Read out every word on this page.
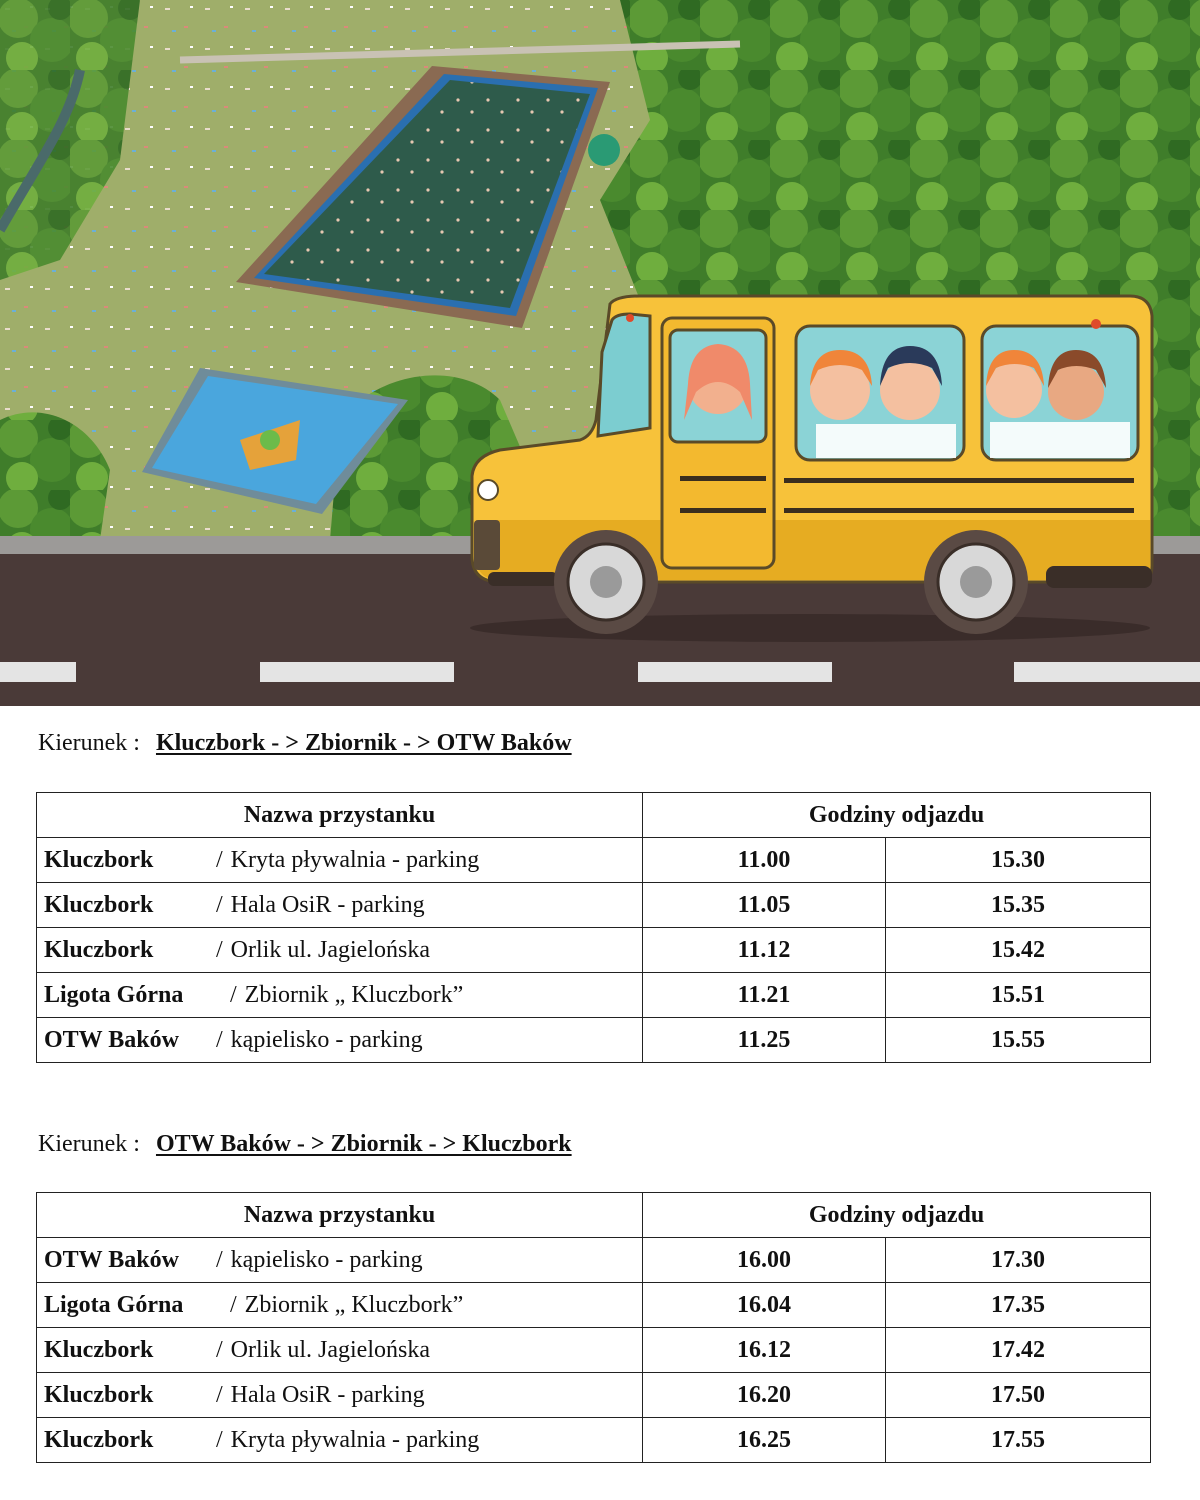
Kierunek : Kluczbork - > Zbiornik - > OTW Baków
Nazwa przystanku	Godziny odjazdu	
Kluczbork / Kryta pływalnia - parking	11.00	15.30
Kluczbork / Hala OsiR - parking	11.05	15.35
Kluczbork / Orlik ul. Jagielońska	11.12	15.42
Ligota Górna / Zbiornik „ Kluczbork”	11.21	15.51
OTW Baków / kąpielisko - parking	11.25	15.55
Kierunek : OTW Baków - > Zbiornik - > Kluczbork
Nazwa przystanku	Godziny odjazdu	
OTW Baków / kąpielisko - parking	16.00	17.30
Ligota Górna / Zbiornik „ Kluczbork”	16.04	17.35
Kluczbork / Orlik ul. Jagielońska	16.12	17.42
Kluczbork / Hala OsiR - parking	16.20	17.50
Kluczbork / Kryta pływalnia - parking	16.25	17.55
